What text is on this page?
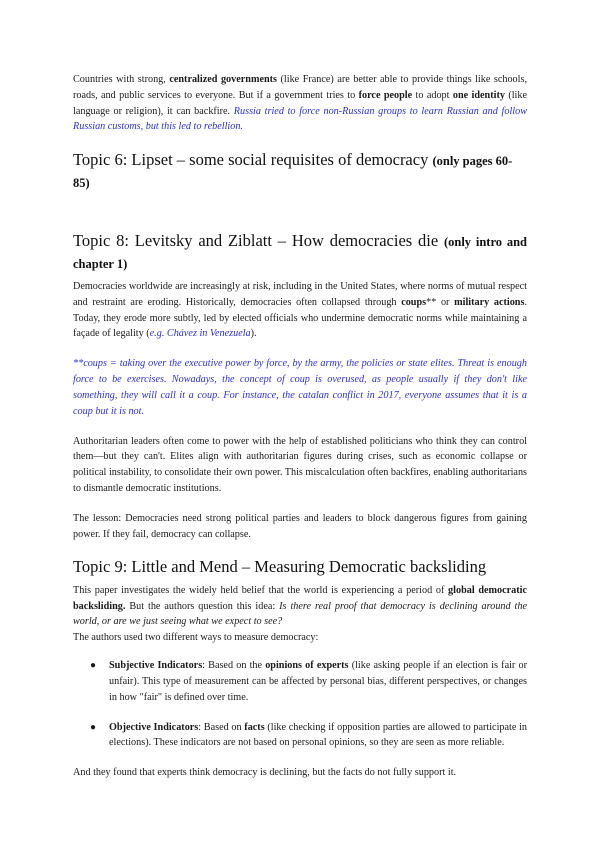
Countries with strong, centralized governments (like France) are better able to provide things like schools, roads, and public services to everyone. But if a government tries to force people to adopt one identity (like language or religion), it can backfire. Russia tried to force non-Russian groups to learn Russian and follow Russian customs, but this led to rebellion.

Topic 6: Lipset – some social requisites of democracy (only pages 60-85)
Topic 8: Levitsky and Ziblatt – How democracies die (only intro and chapter 1)

Democracies worldwide are increasingly at risk, including in the United States, where norms of mutual respect and restraint are eroding. Historically, democracies often collapsed through coups** or military actions. Today, they erode more subtly, led by elected officials who undermine democratic norms while maintaining a façade of legality (e.g. Chávez in Venezuela).

**coups = taking over the executive power by force, by the army, the policies or state elites. Threat is enough force to be exercises. Nowadays, the concept of coup is overused, as people usually if they don't like something, they will call it a coup. For instance, the catalan conflict in 2017, everyone assumes that it is a coup but it is not.

Authoritarian leaders often come to power with the help of established politicians who think they can control them—but they can't. Elites align with authoritarian figures during crises, such as economic collapse or political instability, to consolidate their own power. This miscalculation often backfires, enabling authoritarians to dismantle democratic institutions.

The lesson: Democracies need strong political parties and leaders to block dangerous figures from gaining power. If they fail, democracy can collapse.

Topic 9: Little and Mend – Measuring Democratic backsliding

This paper investigates the widely held belief that the world is experiencing a period of global democratic backsliding. But the authors question this idea: Is there real proof that democracy is declining around the world, or are we just seeing what we expect to see?

The authors used two different ways to measure democracy:

● Subjective Indicators: Based on the opinions of experts (like asking people if an election is fair or unfair). This type of measurement can be affected by personal bias, different perspectives, or changes in how "fair" is defined over time.
● Objective Indicators: Based on facts (like checking if opposition parties are allowed to participate in elections). These indicators are not based on personal opinions, so they are seen as more reliable.

And they found that experts think democracy is declining, but the facts do not fully support it.
